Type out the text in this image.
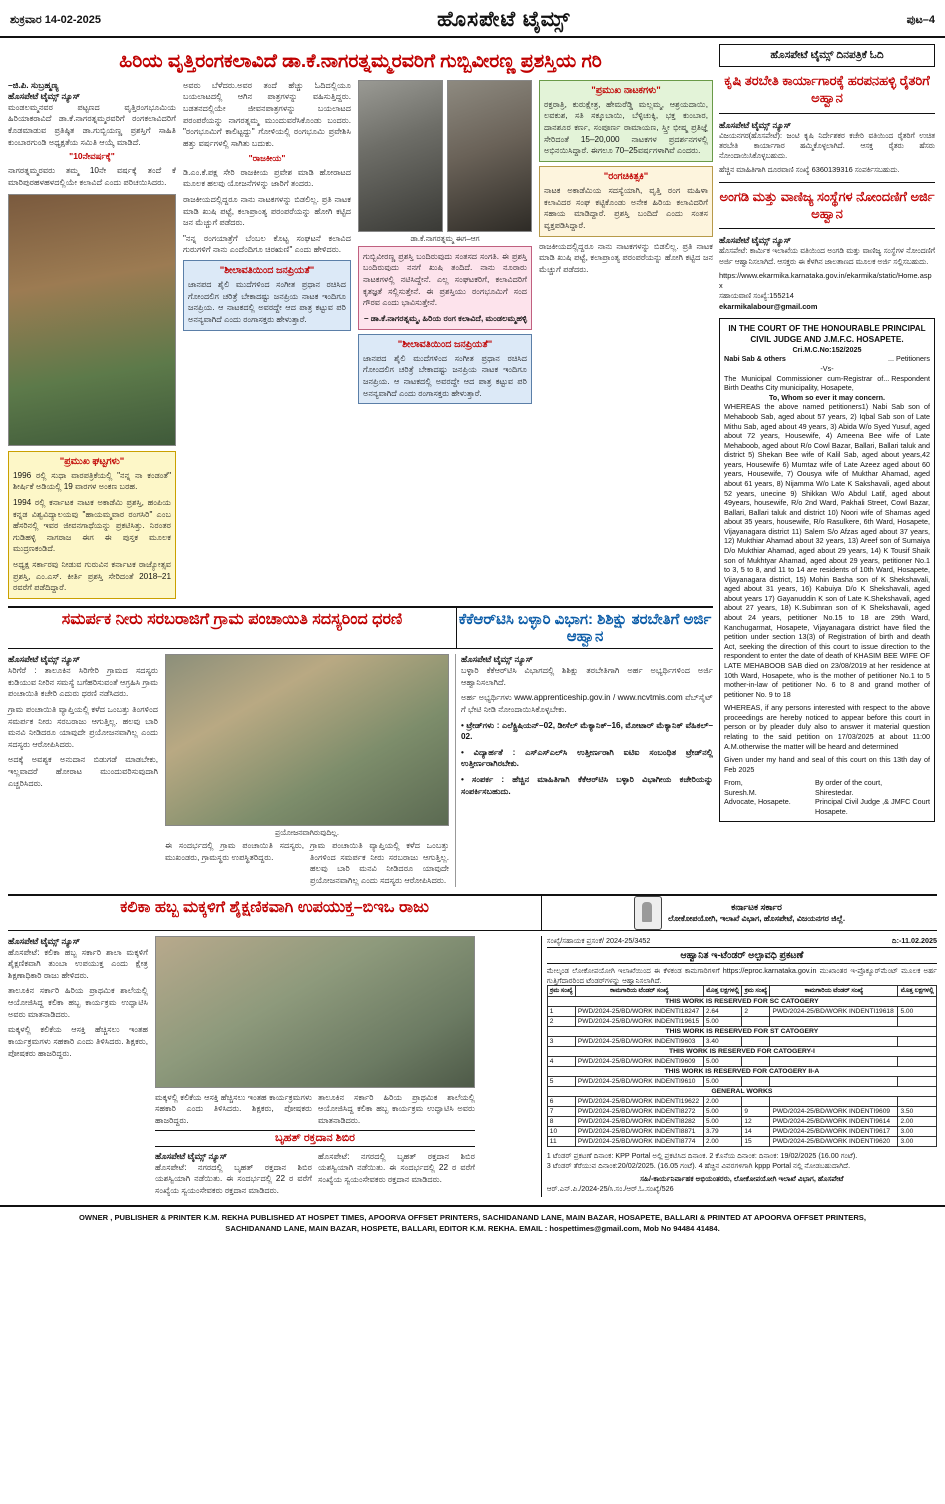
ಶುಕ್ರವಾರ 14-02-2025	ಹೊಸಪೇಟೆ ಟೈಮ್ಸ್	ಪುಟ–4
ಹಿರಿಯ ವೃತ್ತಿರಂಗಕಲಾವಿದೆ ಡಾ.ಕೆ.ನಾಗರತ್ನಮ್ಮರವರಿಗೆ ಗುಬ್ಬಿವೀರಣ್ಣ ಪ್ರಶಸ್ತಿಯ ಗರಿ
–ಜಿ.ಪಿ. ಸುಬ್ರಹ್ಮಣ್ಯ
ಹೊಸಪೇಟೆ ಟೈಮ್ಸ್ ನ್ಯೂಸ್
ಮಂಡಲಮ್ಮನವರ ಪಟ್ಟಣದ ವೃತ್ತಿರಂಗಭೂಮಿಯ ಹಿರಿಯಾಕರಾವಿದೆ ಡಾ.ಕೆ.ನಾಗರತ್ನಮ್ಮರವರಿಗೆ ರಂಗಕಲಾವಿದರಿಗೆ ಕೊಡಮಾಡುವ ಪ್ರತಿಷ್ಠಿತ ಡಾ.ಗುಬ್ಬಿಯಣ್ಣ ಪ್ರಶಸ್ತಿಗೆ ಸಾಹಿತಿ ಕುಂಬಾರಗುಂಡಿ ಅಧ್ಯಕ್ಷತೆಯ ಸಮಿತಿ ಆಯ್ಕೆ ಮಾಡಿದೆ.
"10ನೇವರ್ಷಕ್ಕೆ"
ನಾಗರತ್ನಮ್ಮರವರು ತಮ್ಮ 10ನೇ ವರ್ಷಕ್ಕೆ ತಂದೆ ಕೆ ಮಾರಿಪುರಹಳಹಳದಲ್ಲಿಯೇ ಕಲಾವಿದೆ ಎಂದು ಪರಿಚಯಿಸಿದರು.
"ಪ್ರಮುಖ ಘಟ್ಟಗಳು"
1996 ರಲ್ಲಿ ಸುಧಾ ವಾರಪತ್ರಿಕೆಯಲ್ಲಿ "ನನ್ನ ನಾ ಕಂಡಂತೆ" ಶೀರ್ಷಿಕೆ ಅಡಿಯಲ್ಲಿ 19 ವಾರಗಳ ಅಂಕಣ ಬರಹ.
1994 ರಲ್ಲಿ ಕರ್ನಾಟಕ ನಾಟಕ ಅಕಾಡೆಮಿ ಪ್ರಶಸ್ತಿ, ಹಂಪಿಯ ಕನ್ನಡ ವಿಶ್ವವಿದ್ಯಾಲಯವು "ಹಾಯಮ್ಮವಾರ ರಂಗಸಿರಿ" ಎಂಬ ಹೆಸರಿನಲ್ಲಿ ಇವರ ಜೀವನಗಾಥೆಯನ್ನು ಪ್ರಕಟಿಸಿತ್ತು. ನಿರಂತರ ಗುಡಿಹಳ್ಳಿ ನಾಗರಾಜ ಈಗ ಈ ಪುಸ್ತಕ ಮೂಲಕ ಮುದ್ರಣಕಂಡಿದೆ.
ಅಧ್ಯಕ್ಷ ಸರ್ಕಾರವು ನೀಡುವ ಗುರುವಿನ ಕರ್ನಾಟಕ ರಾಜ್ಯೋತ್ಸವ ಪ್ರಶಸ್ತಿ, ಎಂ.ಎಸ್. ಕೀರ್ತಿ ಪ್ರಶಸ್ತಿ ಸೇರಿದಂತೆ 2018–21 ರವರೆಗೆ ಪಡೆದಿದ್ದಾರೆ.
ಅವರು ಬೆಳೆದರು.ಅವರ ತಂದೆ ಹೆಚ್ಚು ಓದಿದಲ್ಲಿಯೂ ಬಯಲಾಟದಲ್ಲಿ ಆಗಿನ ಪಾತ್ರಗಳನ್ನು ವಹಿಸುತ್ತಿದ್ದರು. ಬಡತನದಲ್ಲಿಯೇ ಜೀವನಪಾತ್ರಗಳನ್ನು ಬಯಲಾಟದ ಪರಂಪರೆಯನ್ನು ನಾಗರತ್ನಮ್ಮ ಮುಂದುವರೆಸಿಕೊಂಡು ಬಂದರು. "ರಂಗಭೂಮಿಗೆ ಕಾಲಿಟ್ಟದ್ದು" ಗೋಳಿಯಲ್ಲಿ ರಂಗಭೂಮಿ ಪ್ರವೇಶಿಸಿ ಹತ್ತು ವರ್ಷಗಳಲ್ಲಿ ಸಾಗಿತು ಬದುಕು.
"ರಾಜಕೀಯ"
ಡಿ.ಎಂ.ಕೆ.ಪಕ್ಷ ಸೇರಿ ರಾಜಕೀಯ ಪ್ರವೇಶ ಮಾಡಿ ಹೋರಾಟದ ಮೂಲಕ ಹಲವು ಯೋಜನೆಗಳನ್ನು ಜಾರಿಗೆ ತಂದರು.
ರಾಜಕೀಯದಲ್ಲಿದ್ದರೂ ನಾನು ನಾಟಕಗಳನ್ನು ಬಿಡಲಿಲ್ಲ. ಪ್ರತಿ ನಾಟಕ ಮಾಡಿ ಖುಷಿ ಪಟ್ಟೆ, ಕಲಾಪ್ರಾಂತ್ಯ ಪರಂಪರೆಯನ್ನು ಹೋಗಿ ಕಟ್ಟಿದ ಜನ ಮೆಚ್ಚುಗೆ ಪಡೆದರು.
"ನನ್ನ ರಂಗಯಾತ್ರೆಗೆ ಬೆಂಬಲ ಕೊಟ್ಟ ಸಂಘಟನೆ ಕಲಾವಿದ ಗುರುಗಳಿಗೆ ನಾನು ಎಂದೆಂದಿಗೂ ಚಿರಋಣಿ" ಎಂದು ಹೇಳಿದರು.
"ಶೀಲಾವತಿಯಿಂದ ಜನಪ್ರಿಯತೆ"
ಜಾನಪದ ಶೈಲಿ ಮುದೆಗಳಿಂದ ಸಂಗೀತ ಪ್ರಧಾನ ರಚಿಸಿದ ಗೋಂದಲಿಗ ಚರಿತ್ರೆ ಬೇಕಾದಷ್ಟು ಜನಪ್ರಿಯ ನಾಟಕ ಇಂದಿಗೂ ಜನಪ್ರಿಯ. ಆ ನಾಟಕದಲ್ಲಿ ಅವರದ್ದೇ ಆದ ಪಾತ್ರ ಕಟ್ಟುವ ಪರಿ ಅನನ್ಯವಾಗಿದೆ ಎಂದು ರಂಗಾಸಕ್ತರು ಹೇಳುತ್ತಾರೆ.
ಡಾ.ಕೆ.ನಾಗರತ್ನಮ್ಮ ಈಗ–ಆಗ
ಗುಬ್ಬಿವೀರಣ್ಣ ಪ್ರಶಸ್ತಿ ಬಂದಿರುವುದು ಸಂತಸದ ಸಂಗತಿ. ಈ ಪ್ರಶಸ್ತಿ ಬಂದಿರುವುದು ನನಗೆ ಖುಷಿ ತಂದಿದೆ. ನಾನು ನೂರಾರು ನಾಟಕಗಳಲ್ಲಿ ನಟಿಸಿದ್ದೇನೆ. ಎಲ್ಲ ಸಂಘಟಕರಿಗೆ, ಕಲಾವಿದರಿಗೆ ಕೃತಜ್ಞತೆ ಸಲ್ಲಿಸುತ್ತೇನೆ. ಈ ಪ್ರಶಸ್ತಿಯು ರಂಗಭೂಮಿಗೆ ಸಂದ ಗೌರವ ಎಂದು ಭಾವಿಸುತ್ತೇನೆ.
– ಡಾ.ಕೆ.ನಾಗರತ್ನಮ್ಮ, ಹಿರಿಯ ರಂಗ ಕಲಾವಿದೆ, ಮಂಡಲಮ್ಮಹಳ್ಳಿ
"ಶೀಲಾವತಿಯಿಂದ ಜನಪ್ರಿಯತೆ"
ಜಾನಪದ ಶೈಲಿ ಮುದೆಗಳಿಂದ ಸಂಗೀತ ಪ್ರಧಾನ ರಚಿಸಿದ ಗೋಂದಲಿಗ ಚರಿತ್ರೆ ಬೇಕಾದಷ್ಟು ಜನಪ್ರಿಯ ನಾಟಕ ಇಂದಿಗೂ ಜನಪ್ರಿಯ. ಆ ನಾಟಕದಲ್ಲಿ ಅವರದ್ದೇ ಆದ ಪಾತ್ರ ಕಟ್ಟುವ ಪರಿ ಅನನ್ಯವಾಗಿದೆ ಎಂದು ರಂಗಾಸಕ್ತರು ಹೇಳುತ್ತಾರೆ.
"ಪ್ರಮುಖ ನಾಟಕಗಳು"
ರಕ್ತರಾತ್ರಿ, ಕುರುಕ್ಷೇತ್ರ, ಹೇಮರೆಡ್ಡಿ ಮಲ್ಲಮ್ಮ, ಆಶ್ರಯದಾಯಿ, ಲವಕುಶ, ಸತಿ ಸಕ್ಕೂಬಾಯಿ, ಬೆಳ್ಳಿಚುಕ್ಕಿ, ಭಕ್ತ ಕುಂಬಾರ, ದಾನಶೂರ ಕರ್ಣ, ಸಂಪೂರ್ಣ ರಾಮಾಯಣ, ಸ್ತ್ರೀ ಭೀಷ್ಮ ಪ್ರತಿಜ್ಞೆ ಸೇರಿದಂತೆ 15–20,000 ನಾಟಕಗಳ ಪ್ರದರ್ಶನಗಳಲ್ಲಿ ಅಭಿನಯಿಸಿದ್ದಾರೆ. ಈಗಲೂ 70–25ವರ್ಷಗಳಾಗಿವೆ ಎಂದರು.
"ರಂಗಚಿಕಿತ್ಸಕಿ"
ನಾಟಕ ಅಕಾಡೆಮಿಯ ಸದಸ್ಯೆಯಾಗಿ, ವೃತ್ತಿ ರಂಗ ಮಹಿಳಾ ಕಲಾವಿದರ ಸಂಘ ಕಟ್ಟಿಕೊಂಡು ಅನೇಕ ಹಿರಿಯ ಕಲಾವಿದರಿಗೆ ಸಹಾಯ ಮಾಡಿದ್ದಾರೆ. ಪ್ರಶಸ್ತಿ ಬಂದಿದೆ ಎಂದು ಸಂತಸ ವ್ಯಕ್ತಪಡಿಸಿದ್ದಾರೆ.
ರಾಜಕೀಯದಲ್ಲಿದ್ದರೂ ನಾನು ನಾಟಕಗಳನ್ನು ಬಿಡಲಿಲ್ಲ. ಪ್ರತಿ ನಾಟಕ ಮಾಡಿ ಖುಷಿ ಪಟ್ಟೆ, ಕಲಾಪ್ರಾಂತ್ಯ ಪರಂಪರೆಯನ್ನು ಹೋಗಿ ಕಟ್ಟಿದ ಜನ ಮೆಚ್ಚುಗೆ ಪಡೆದರು.
ಸಮರ್ಪಕ ನೀರು ಸರಬರಾಜಿಗೆ ಗ್ರಾಮ ಪಂಚಾಯಿತಿ ಸದಸ್ಯರಿಂದ ಧರಣಿ	ಕೆಕೆಆರ್‌ಟಿಸಿ ಬಳ್ಳಾರಿ ವಿಭಾಗ: ಶಿಶಿಕ್ಷು ತರಬೇತಿಗೆ ಅರ್ಜಿ ಆಹ್ವಾನ
ಹೊಸಪೇಟೆ ಟೈಮ್ಸ್ ನ್ಯೂಸ್
ಸಿರಿಗೆರೆ : ತಾಲೂಕಿನ ಸಿರಿಗೇರಿ ಗ್ರಾಮದ ಸದಸ್ಯರು ಕುಡಿಯುವ ನೀರಿನ ಸಮಸ್ಯೆ ಬಗೆಹರಿಸುವಂತೆ ಆಗ್ರಹಿಸಿ ಗ್ರಾಮ ಪಂಚಾಯಿತಿ ಕಚೇರಿ ಎದುರು ಧರಣಿ ನಡೆಸಿದರು.
ಗ್ರಾಮ ಪಂಚಾಯಿತಿ ವ್ಯಾಪ್ತಿಯಲ್ಲಿ ಕಳೆದ ಒಂಬತ್ತು ತಿಂಗಳಿಂದ ಸಮರ್ಪಕ ನೀರು ಸರಬರಾಜು ಆಗುತ್ತಿಲ್ಲ. ಹಲವು ಬಾರಿ ಮನವಿ ನೀಡಿದರೂ ಯಾವುದೇ ಪ್ರಯೋಜನವಾಗಿಲ್ಲ ಎಂದು ಸದಸ್ಯರು ಆರೋಪಿಸಿದರು.
ಅದಕ್ಕೆ ಅವಶ್ಯಕ ಅನುದಾನ ಬಿಡುಗಡೆ ಮಾಡಬೇಕು, ಇಲ್ಲವಾದರೆ ಹೋರಾಟ ಮುಂದುವರಿಸುವುದಾಗಿ ಎಚ್ಚರಿಸಿದರು.
ಪ್ರಯೋಜನವಾಗಿರುವುದಿಲ್ಲ.
ಈ ಸಂದರ್ಭದಲ್ಲಿ ಗ್ರಾಮ ಪಂಚಾಯಿತಿ ಸದಸ್ಯರು, ಮುಖಂಡರು, ಗ್ರಾಮಸ್ಥರು ಉಪಸ್ಥಿತರಿದ್ದರು.
ಗ್ರಾಮ ಪಂಚಾಯಿತಿ ವ್ಯಾಪ್ತಿಯಲ್ಲಿ ಕಳೆದ ಒಂಬತ್ತು ತಿಂಗಳಿಂದ ಸಮರ್ಪಕ ನೀರು ಸರಬರಾಜು ಆಗುತ್ತಿಲ್ಲ. ಹಲವು ಬಾರಿ ಮನವಿ ನೀಡಿದರೂ ಯಾವುದೇ ಪ್ರಯೋಜನವಾಗಿಲ್ಲ ಎಂದು ಸದಸ್ಯರು ಆರೋಪಿಸಿದರು.
ಹೊಸಪೇಟೆ ಟೈಮ್ಸ್ ನ್ಯೂಸ್
ಬಳ್ಳಾರಿ ಕೆಕೆಆರ್‌ಟಿಸಿ ವಿಭಾಗದಲ್ಲಿ ಶಿಶಿಕ್ಷು ತರಬೇತಿಗಾಗಿ ಅರ್ಹ ಅಭ್ಯರ್ಥಿಗಳಿಂದ ಅರ್ಜಿ ಆಹ್ವಾನಿಸಲಾಗಿದೆ.
ಅರ್ಹ ಅಭ್ಯರ್ಥಿಗಳು www.apprenticeship.gov.in / www.ncvtmis.com ವೆಬ್‌ಸೈಟ್‌ ಗೆ ಭೇಟಿ ನೀಡಿ ನೋಂದಾಯಿಸಿಕೊಳ್ಳಬೇಕು.
• ಟ್ರೇಡ್‌ಗಳು : ಎಲೆಕ್ಟ್ರಿಷಿಯನ್–02, ಡೀಸೆಲ್ ಮೆಕ್ಯಾನಿಕ್–16, ಮೋಟಾರ್ ಮೆಕ್ಯಾನಿಕ್ ವೆಹಿಕಲ್–02.
• ವಿದ್ಯಾರ್ಹತೆ : ಎಸ್‌ಎಸ್‌ಎಲ್‌ಸಿ ಉತ್ತೀರ್ಣರಾಗಿ ಐಟಿಐ ಸಂಬಂಧಿತ ಟ್ರೇಡ್‌ನಲ್ಲಿ ಉತ್ತೀರ್ಣರಾಗಿರಬೇಕು.
• ಸಂಪರ್ಕ : ಹೆಚ್ಚಿನ ಮಾಹಿತಿಗಾಗಿ ಕೆಕೆಆರ್‌ಟಿಸಿ ಬಳ್ಳಾರಿ ವಿಭಾಗೀಯ ಕಚೇರಿಯನ್ನು ಸಂಪರ್ಕಿಸಬಹುದು.
ಹೊಸಪೇಟೆ ಟೈಮ್ಸ್ ದಿನಪತ್ರಿಕೆ ಓದಿ
ಕೃಷಿ ತರಬೇತಿ ಕಾರ್ಯಾಗಾರಕ್ಕೆ ಹರಪನಹಳ್ಳಿ ರೈತರಿಗೆ ಅಹ್ವಾನ
ಹೊಸಪೇಟೆ ಟೈಮ್ಸ್ ನ್ಯೂಸ್
ವಿಜಯನಗರ(ಹೊಸಪೇಟೆ): ಜಂಟಿ ಕೃಷಿ ನಿರ್ದೇಶಕರ ಕಚೇರಿ ವತಿಯಿಂದ ರೈತರಿಗೆ ಉಚಿತ ತರಬೇತಿ ಕಾರ್ಯಾಗಾರ ಹಮ್ಮಿಕೊಳ್ಳಲಾಗಿದೆ. ಆಸಕ್ತ ರೈತರು ಹೆಸರು ನೋಂದಾಯಿಸಿಕೊಳ್ಳಬಹುದು.
ಹೆಚ್ಚಿನ ಮಾಹಿತಿಗಾಗಿ ದೂರವಾಣಿ ಸಂಖ್ಯೆ 6360139316 ಸಂಪರ್ಕಿಸಬಹುದು.
ಅಂಗಡಿ ಮತ್ತು ವಾಣಿಜ್ಯ ಸಂಸ್ಥೆಗಳ ನೋಂದಣಿಗೆ ಅರ್ಜಿ ಅಹ್ವಾನ
ಹೊಸಪೇಟೆ ಟೈಮ್ಸ್ ನ್ಯೂಸ್
ಹೊಸಪೇಟೆ: ಕಾರ್ಮಿಕ ಇಲಾಖೆಯ ವತಿಯಿಂದ ಅಂಗಡಿ ಮತ್ತು ವಾಣಿಜ್ಯ ಸಂಸ್ಥೆಗಳ ನೋಂದಣಿಗೆ ಅರ್ಜಿ ಆಹ್ವಾನಿಸಲಾಗಿದೆ. ಆಸಕ್ತರು ಈ ಕೆಳಗಿನ ಜಾಲತಾಣದ ಮೂಲಕ ಅರ್ಜಿ ಸಲ್ಲಿಸಬಹುದು.
https://www.ekarmika.karnataka.gov.in/ekarmika/static/Home.aspx
ಸಹಾಯವಾಣಿ ಸಂಖ್ಯೆ:155214
ekarmikalabour@gmail.com
IN THE COURT OF THE HONOURABLE PRINCIPAL CIVIL JUDGE AND J.M.F.C. HOSAPETE.
Cri.M.C.No:152/2025
Nabi Sab & others	... Petitioners
-Vs-
The Municipal Commissioner cum-Registrar of Birth Deaths City municipality, Hosapete,
... Respondent
To, Whom so ever it may concern.
WHEREAS the above named petitioners1) Nabi Sab son of Mehaboob Sab, aged about 57 years, 2) Iqbal Sab son of Late Mithu Sab, aged about 49 years, 3) Abida W/o Syed Yusuf, aged about 72 years, Housewife, 4) Ameena Bee wife of Late Mehaboob, aged about R/o Cowl Bazar, Ballari, Ballari taluk and district 5) Shekan Bee wife of Kalil Sab, aged about years,42 years, Housewife 6) Mumtaz wife of Late Azeez aged about 60 years, Housewife, 7) Oousya wife of Mukthar Ahamad, aged about 61 years, 8) Nijamma W/o Late K Sakshavali, aged about 52 years, unecine 9) Shikkan W/o Abdul Latif, aged about 49years, housewife, R/o 2nd Ward, Pakhali Street, Cowl Bazar, Ballari, Ballari taluk and district 10) Noori wife of Shamas aged about 35 years, housewife, R/o Rasulkere, 6th Ward, Hosapete, Vijayanagara district 11) Salem S/o Afzas aged about 37 years, 12) Mukthiar Ahamad about 32 years, 13) Areef son of Sumaiya D/o Mukthiar Ahamad, aged about 29 years, 14) K Tousif Shaik son of Mukhtyar Ahamad, aged about 29 years, petitioner No.1 to 3, 5 to 8, and 11 to 14 are residents of 10th Ward, Hosapete, Vijayanagara district, 15) Mohin Basha son of K Shekshavali, aged about 31 years, 16) Kabuiya D/o K Shekshavali, aged about years 17) Gayanuddin K son of Late K.Shekshavali, aged about 27 years, 18) K.Subimran son of K Shekshavali, aged about 24 years, petitioner No.15 to 18 are 29th Ward, Kanchugarmat, Hosapete, Vijayanagara district have filed the petition under section 13(3) of Registration of birth and death Act, seeking the direction of this court to issue direction to the respondent to enter the date of death of KHASIM BEE WIFE OF LATE MEHABOOB SAB died on 23/08/2019 at her residence at 10th Ward, Hosapete, who is the mother of petitioner No.1 to 5 mother-in-law of petitioner No. 6 to 8 and grand mother of petitioner No. 9 to 18
WHEREAS, if any persons interested with respect to the above proceedings are hereby noticed to appear before this court in person or by pleader duly also to answer it material question relating to the said petition on 17/03/2025 at about 11:00 A.M.otherwise the matter will be heard and determined
Given under my hand and seal of this court on this 13th day of Feb 2025
From,
Suresh.M.
Advocate, Hosapete.
By order of the court,
Shirestedar.
Principal Civil Judge ,& JMFC Court Hosapete.
ಕಲಿಕಾ ಹಬ್ಬ ಮಕ್ಕಳಿಗೆ ಶೈಕ್ಷಣಿಕವಾಗಿ ಉಪಯುಕ್ತ–ಬಿಇಒ ರಾಜು	ಕರ್ನಾಟಕ ಸರ್ಕಾರ
ಲೋಕೋಪಯೋಗಿ, ಇಲಾಖೆ ವಿಭಾಗ, ಹೊಸಪೇಟೆ, ವಿಜಯನಗರ ಜಿಲ್ಲೆ.
ಹೊಸಪೇಟೆ ಟೈಮ್ಸ್ ನ್ಯೂಸ್
ಹೊಸಪೇಟೆ: ಕಲಿಕಾ ಹಬ್ಬ ಸರ್ಕಾರಿ ಶಾಲಾ ಮಕ್ಕಳಿಗೆ ಶೈಕ್ಷಣಿಕವಾಗಿ ತುಂಬಾ ಉಪಯುಕ್ತ ಎಂದು ಕ್ಷೇತ್ರ ಶಿಕ್ಷಣಾಧಿಕಾರಿ ರಾಜು ಹೇಳಿದರು.
ತಾಲೂಕಿನ ಸರ್ಕಾರಿ ಹಿರಿಯ ಪ್ರಾಥಮಿಕ ಶಾಲೆಯಲ್ಲಿ ಆಯೋಜಿಸಿದ್ದ ಕಲಿಕಾ ಹಬ್ಬ ಕಾರ್ಯಕ್ರಮ ಉದ್ಘಾಟಿಸಿ ಅವರು ಮಾತನಾಡಿದರು.
ಮಕ್ಕಳಲ್ಲಿ ಕಲಿಕೆಯ ಆಸಕ್ತಿ ಹೆಚ್ಚಿಸಲು ಇಂತಹ ಕಾರ್ಯಕ್ರಮಗಳು ಸಹಕಾರಿ ಎಂದು ತಿಳಿಸಿದರು. ಶಿಕ್ಷಕರು, ಪೋಷಕರು ಹಾಜರಿದ್ದರು.
ಮಕ್ಕಳಲ್ಲಿ ಕಲಿಕೆಯ ಆಸಕ್ತಿ ಹೆಚ್ಚಿಸಲು ಇಂತಹ ಕಾರ್ಯಕ್ರಮಗಳು ಸಹಕಾರಿ ಎಂದು ತಿಳಿಸಿದರು. ಶಿಕ್ಷಕರು, ಪೋಷಕರು ಹಾಜರಿದ್ದರು.
ತಾಲೂಕಿನ ಸರ್ಕಾರಿ ಹಿರಿಯ ಪ್ರಾಥಮಿಕ ಶಾಲೆಯಲ್ಲಿ ಆಯೋಜಿಸಿದ್ದ ಕಲಿಕಾ ಹಬ್ಬ ಕಾರ್ಯಕ್ರಮ ಉದ್ಘಾಟಿಸಿ ಅವರು ಮಾತನಾಡಿದರು.
ಬೃಹತ್ ರಕ್ತದಾನ ಶಿಬಿರ
ಹೊಸಪೇಟೆ ಟೈಮ್ಸ್ ನ್ಯೂಸ್
ಹೊಸಪೇಟೆ: ನಗರದಲ್ಲಿ ಬೃಹತ್ ರಕ್ತದಾನ ಶಿಬಿರ ಯಶಸ್ವಿಯಾಗಿ ನಡೆಯಿತು. ಈ ಸಂದರ್ಭದಲ್ಲಿ 22 ರ ವರೆಗೆ ಸಂಖ್ಯೆಯ ಸ್ವಯಂಸೇವಕರು ರಕ್ತದಾನ ಮಾಡಿದರು.
ಹೊಸಪೇಟೆ: ನಗರದಲ್ಲಿ ಬೃಹತ್ ರಕ್ತದಾನ ಶಿಬಿರ ಯಶಸ್ವಿಯಾಗಿ ನಡೆಯಿತು. ಈ ಸಂದರ್ಭದಲ್ಲಿ 22 ರ ವರೆಗೆ ಸಂಖ್ಯೆಯ ಸ್ವಯಂಸೇವಕರು ರಕ್ತದಾನ ಮಾಡಿದರು.
ಸಂಖ್ಯೆ/ಸಹಾಯಕ ಪ್ರಸಂಕೆ/ 2024-25/3452	ದಿ:-11.02.2025
ಆಹ್ವಾನಿತ ಇ-ಟೆಂಡರ್ ಅಲ್ಪಾವಧಿ ಪ್ರಕಟಣೆ
ಮೇಲ್ಕಂಡ ಲೋಕೋಪಯೋಗಿ ಇಲಾಖೆಯಿಂದ ಈ ಕೆಳಕಂಡ ಕಾಮಗಾರಿಗಳಿಗೆ https://eproc.karnataka.gov.in ಮುಖಾಂತರ ಇ-ಪ್ರೊಕ್ಯೂರ್‌ಮೆಂಟ್ ಮೂಲಕ ಅರ್ಹ ಗುತ್ತಿಗೆದಾರರಿಂದ ಟೆಂಡರ್‌ಗಳನ್ನು ಆಹ್ವಾನಿಸಲಾಗಿದೆ.
ಕ್ರಮ ಸಂಖ್ಯೆ	ಕಾಮಗಾರಿಯ ಟೆಂಡರ್ ಸಂಖ್ಯೆ	ಮೊತ್ತ ಲಕ್ಷಗಳಲ್ಲಿ	ಕ್ರಮ ಸಂಖ್ಯೆ	ಕಾಮಗಾರಿಯ ಟೆಂಡರ್ ಸಂಖ್ಯೆ	ಮೊತ್ತ ಲಕ್ಷಗಳಲ್ಲಿ
THIS WORK IS RESERVED FOR SC CATOGERY					
1	PWD/2024-25/BD/WORK INDENTI18247	2.64	2	PWD/2024-25/BD/WORK INDENTI19618	5.00
2	PWD/2024-25/BD/WORK INDENTI19615	5.00			
THIS WORK IS RESERVED FOR ST CATOGERY					
3	PWD/2024-25/BD/WORK INDENTI9603	3.40			
THIS WORK IS RESERVED FOR CATOGERY-I					
4	PWD/2024-25/BD/WORK INDENTI9609	5.00			
THIS WORK IS RESERVED FOR CATOGERY II-A					
5	PWD/2024-25/BD/WORK INDENTI9610	5.00			
GENERAL WORKS					
6	PWD/2024-25/BD/WORK INDENTI19622	2.00			
7	PWD/2024-25/BD/WORK INDENTI8272	5.00	9	PWD/2024-25/BD/WORK INDENTI9609	3.50
8	PWD/2024-25/BD/WORK INDENTI8282	5.00	12	PWD/2024-25/BD/WORK INDENTI9614	2.00
10	PWD/2024-25/BD/WORK INDENTI8871	3.79	14	PWD/2024-25/BD/WORK INDENTI9617	3.00
11	PWD/2024-25/BD/WORK INDENTI8774	2.00	15	PWD/2024-25/BD/WORK INDENTI9620	3.00
1 ಟೆಂಡರ್ ಪ್ರಕಟಣೆ ದಿನಾಂಕ: KPP Portal ಅಲ್ಲಿ ಪ್ರಕಟಿಸಿದ ದಿನಾಂಕ. 2 ಕೊನೆಯ ದಿನಾಂಕ: ದಿನಾಂಕ: 19/02/2025 (16.00 ಗಂಟೆ).
3 ಟೆಂಡರ್ ತೆರೆಯುವ ದಿನಾಂಕ:20/02/2025. (16.05 ಗಂಟೆ). 4 ಹೆಚ್ಚಿನ ವಿವರಗಳಿಗಾಗಿ kppp Portal ನಲ್ಲಿ ನೋಡಬಹುದಾಗಿದೆ.
ಸಹಿ/-ಕಾರ್ಯನಿರ್ವಾಹಕ ಅಭಿಯಂತರರು, ಲೋಕೋಪಯೋಗಿ ಇಲಾಖೆ ವಿಭಾಗ, ಹೊಸಪೇಟೆ
ಆರ್.ಎನ್.ಪಿ./2024-25/ಸಿ.ಸಂ./ಆರ್.ಓ.ಸಂಖ್ಯೆ/526
OWNER , PUBLISHER & PRINTER K.M. REKHA PUBLISHED AT HOSPET TIMES, APOORVA OFFSET PRINTERS, SACHIDANAND LANE, MAIN BAZAR, HOSAPETE, BALLARI & PRINTED AT APOORVA OFFSET PRINTERS,
SACHIDANAND LANE, MAIN BAZAR, HOSPETE, BALLARI, EDITOR K.M. REKHA. EMAIL : hospettimes@gmail.com, Mob No 94484 41484.
